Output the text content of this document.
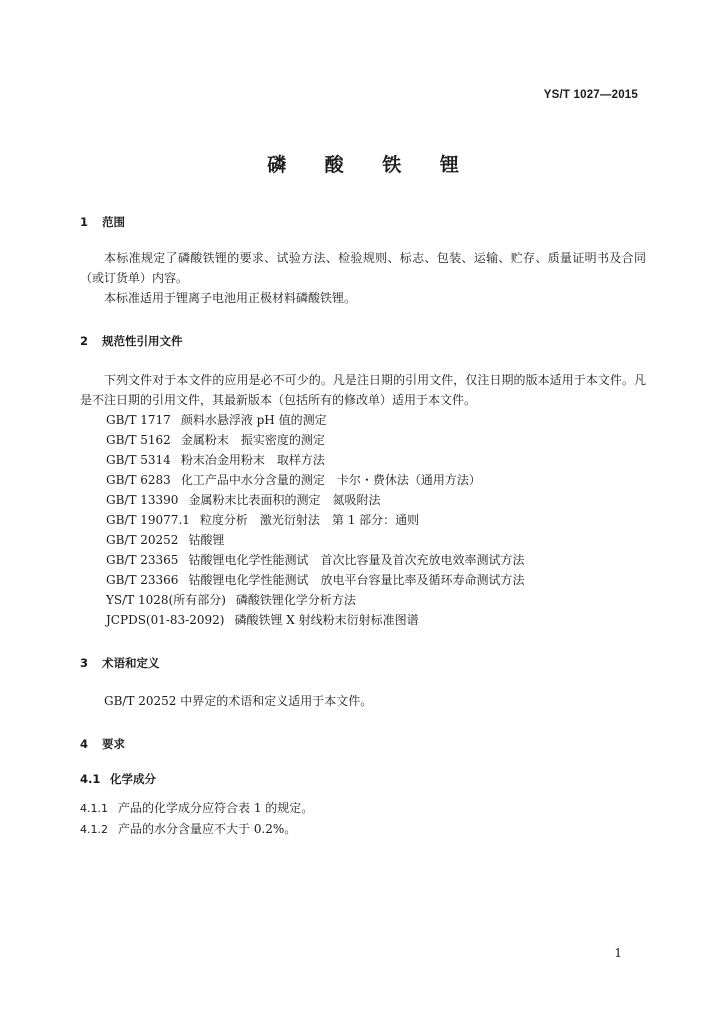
YS/T 1027—2015
磷 酸 铁 锂
1 范围
本标准规定了磷酸铁锂的要求、试验方法、检验规则、标志、包装、运输、贮存、质量证明书及合同（或订货单）内容。
本标准适用于锂离子电池用正极材料磷酸铁锂。
2 规范性引用文件
下列文件对于本文件的应用是必不可少的。凡是注日期的引用文件，仅注日期的版本适用于本文件。凡是不注日期的引用文件，其最新版本（包括所有的修改单）适用于本文件。
GB/T 1717 颜料水悬浮液 pH 值的测定
GB/T 5162 金属粉末　振实密度的测定
GB/T 5314 粉末冶金用粉末　取样方法
GB/T 6283 化工产品中水分含量的测定　卡尔・费休法（通用方法）
GB/T 13390 金属粉末比表面积的测定　氮吸附法
GB/T 19077.1 粒度分析　激光衍射法　第 1 部分：通则
GB/T 20252 钴酸锂
GB/T 23365 钴酸锂电化学性能测试　首次比容量及首次充放电效率测试方法
GB/T 23366 钴酸锂电化学性能测试　放电平台容量比率及循环寿命测试方法
YS/T 1028(所有部分) 磷酸铁锂化学分析方法
JCPDS(01-83-2092) 磷酸铁锂 X 射线粉末衍射标准图谱
3 术语和定义
GB/T 20252 中界定的术语和定义适用于本文件。
4 要求
4.1 化学成分
4.1.1 产品的化学成分应符合表 1 的规定。
4.1.2 产品的水分含量应不大于 0.2%。
1
